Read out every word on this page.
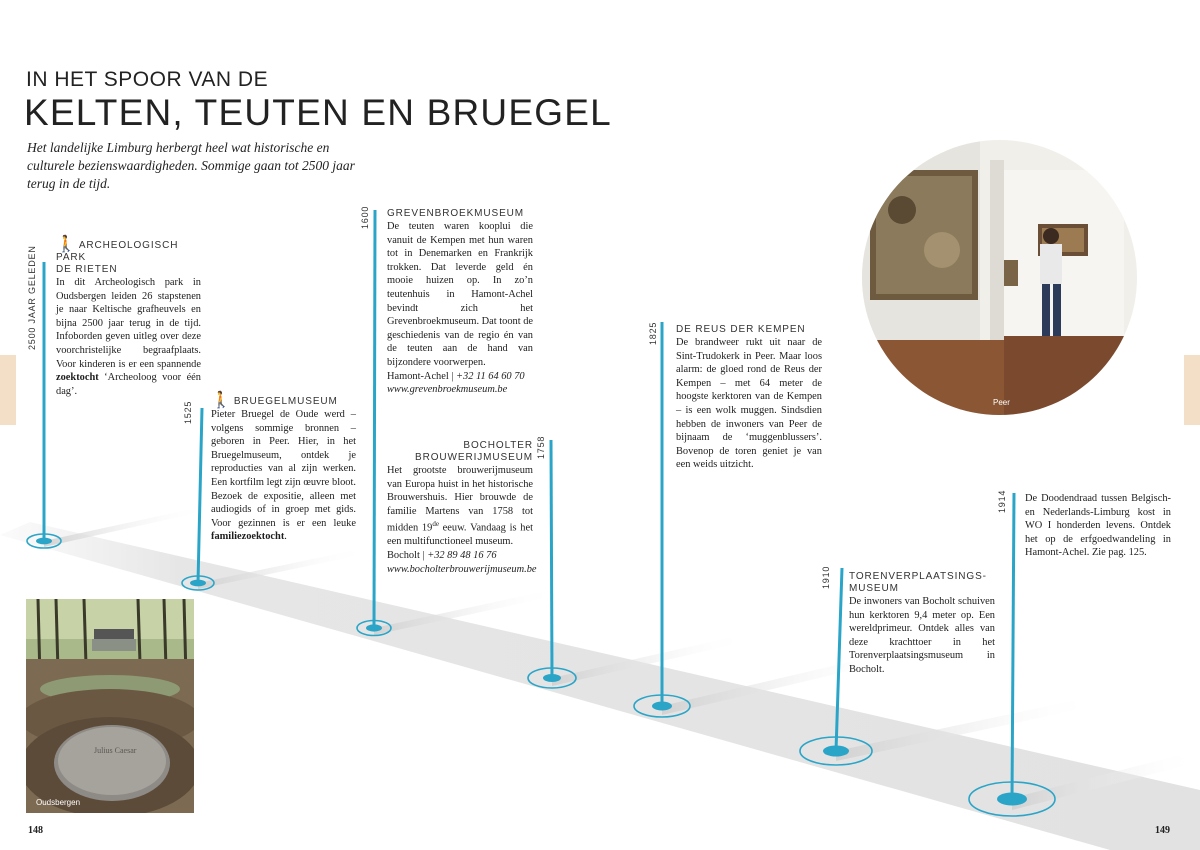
IN HET SPOOR VAN DE
KELTEN, TEUTEN EN BRUEGEL
Het landelijke Limburg herbergt heel wat historische en culturele bezienswaardigheden. Sommige gaan tot 2500 jaar terug in de tijd.
2500 JAAR GELEDEN
🚶 ARCHEOLOGISCH PARK
DE RIETEN
In dit Archeologisch park in Oudsbergen leiden 26 stapstenen je naar Keltische grafheuvels en bijna 2500 jaar terug in de tijd. Infoborden geven uitleg over deze voorchristelijke begraafplaats. Voor kinderen is er een spannende zoektocht ‘Archeoloog voor één dag’.
1525
🚶 BRUEGELMUSEUM
Pieter Bruegel de Oude werd – volgens sommige bronnen – geboren in Peer. Hier, in het Bruegelmuseum, ontdek je reproducties van al zijn werken. Een kortfilm legt zijn œuvre bloot. Bezoek de expositie, alleen met audiogids of in groep met gids. Voor gezinnen is er een leuke familiezoektocht.
1600 GREVENBROEKMUSEUM
De teuten waren kooplui die vanuit de Kempen met hun waren tot in Denemarken en Frankrijk trokken. Dat leverde geld én mooie huizen op. In zo’n teutenhuis in Hamont-Achel bevindt zich het Grevenbroekmuseum. Dat toont de geschiedenis van de regio én van de teuten aan de hand van bijzondere voorwerpen.
Hamont-Achel | +32 11 64 60 70
www.grevenbroekmuseum.be
1758
BOCHOLTER
BROUWERIJMUSEUM
Het grootste brouwerijmuseum van Europa huist in het historische Brouwershuis. Hier brouwde de familie Martens van 1758 tot midden 19de eeuw. Vandaag is het een multifunctioneel museum.
Bocholt | +32 89 48 16 76
www.bocholterbrouwerijmuseum.be
1825 DE REUS DER KEMPEN
De brandweer rukt uit naar de Sint-Trudokerk in Peer. Maar loos alarm: de gloed rond de Reus der Kempen – met 64 meter de hoogste kerktoren van de Kempen – is een wolk muggen. Sindsdien hebben de inwoners van Peer de bijnaam de ‘muggenblussers’. Bovenop de toren geniet je van een weids uitzicht.
1910 TORENVERPLAATSINGS-
MUSEUM
De inwoners van Bocholt schuiven hun kerktoren 9,4 meter op. Een wereldprimeur. Ontdek alles van deze krachttoer in het Torenverplaatsingsmuseum in Bocholt.
1914 De Doodendraad tussen Belgisch- en Nederlands-Limburg kost in WO I honderden levens. Ontdek het op de erfgoedwandeling in Hamont-Achel. Zie pag. 125.
Julius Caesar
Oudsbergen
Peer
148	149
